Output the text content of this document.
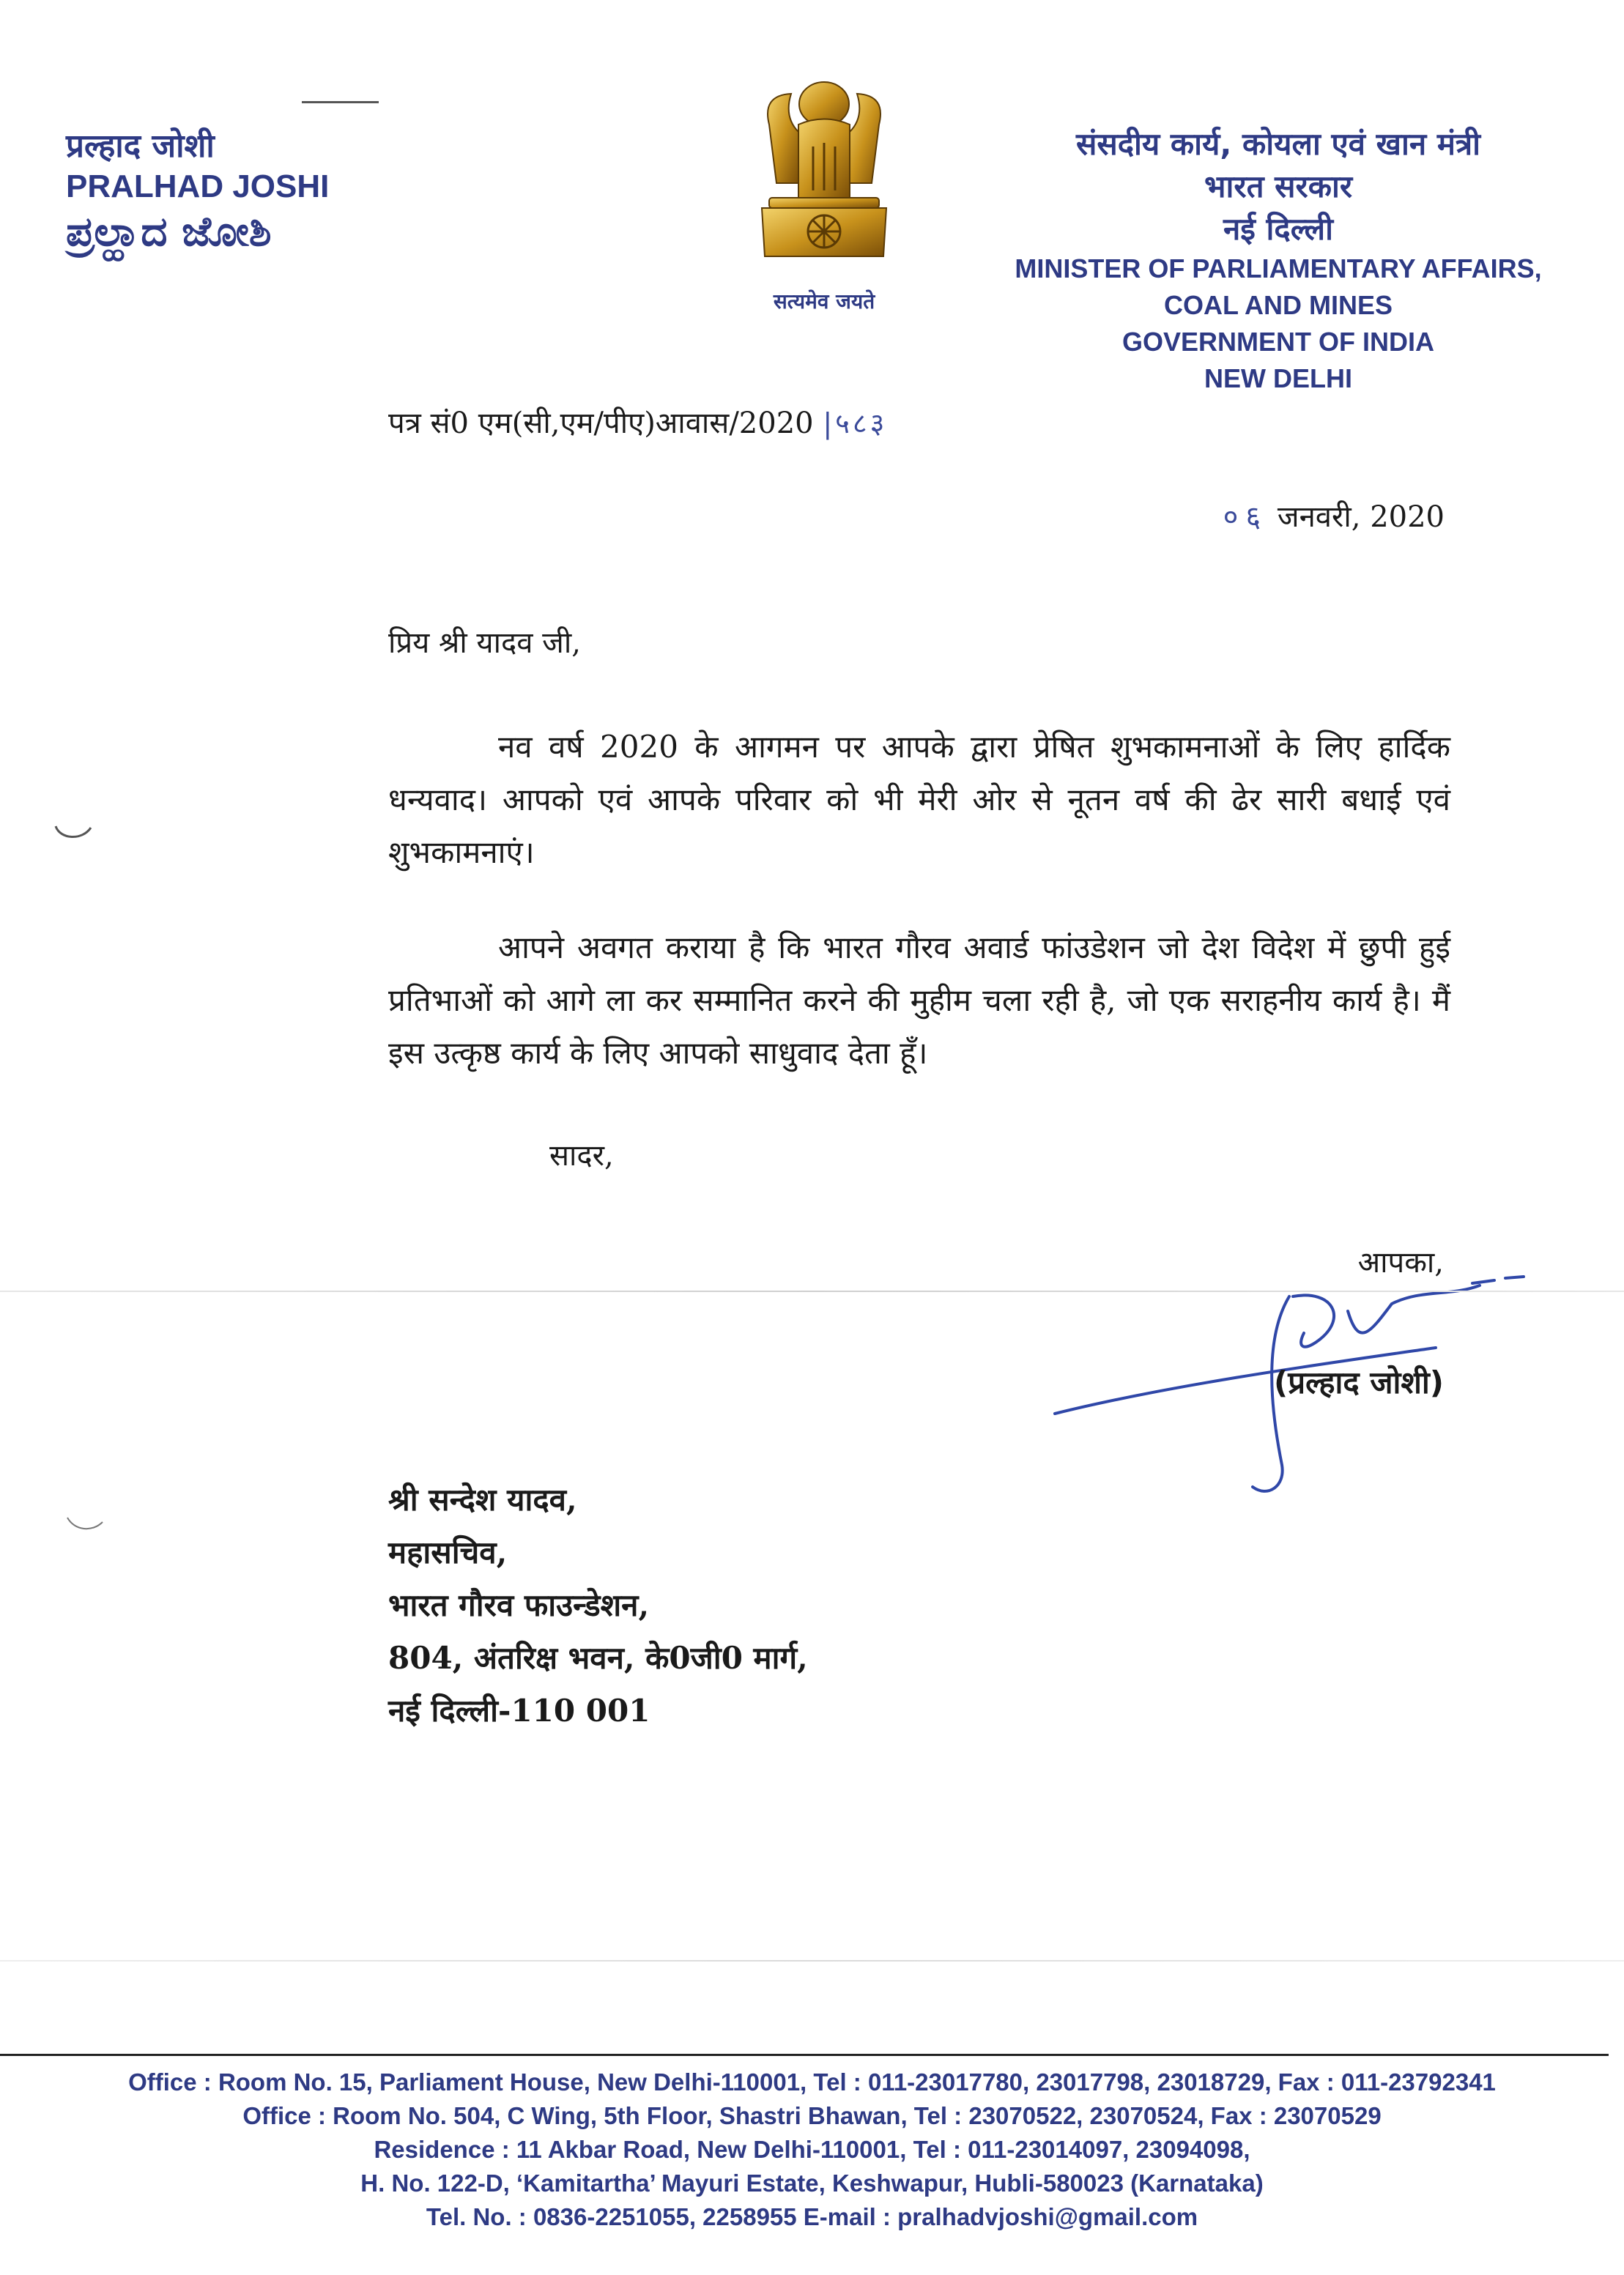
प्रल्हाद जोशी
PRALHAD JOSHI
ಪ್ರಲ್ಹಾದ ಜೋಶಿ
सत्यमेव जयते
संसदीय कार्य, कोयला एवं खान मंत्री
भारत सरकार
नई दिल्ली
MINISTER OF PARLIAMENTARY AFFAIRS,
COAL AND MINES
GOVERNMENT OF INDIA
NEW DELHI
पत्र सं0 एम(सी,एम/पीए)आवास/2020 |५८३
०६ जनवरी, 2020
प्रिय श्री यादव जी,

नव वर्ष 2020 के आगमन पर आपके द्वारा प्रेषित शुभकामनाओं के लिए हार्दिक धन्यवाद। आपको एवं आपके परिवार को भी मेरी ओर से नूतन वर्ष की ढेर सारी बधाई एवं शुभकामनाएं।

आपने अवगत कराया है कि भारत गौरव अवार्ड फांउडेशन जो देश विदेश में छुपी हुई प्रतिभाओं को आगे ला कर सम्मानित करने की मुहीम चला रही है, जो एक सराहनीय कार्य है। मैं इस उत्कृष्ठ कार्य के लिए आपको साधुवाद देता हूँ।

सादर,
आपका,
(प्रल्हाद जोशी)
श्री सन्देश यादव,
महासचिव,
भारत गौरव फाउन्डेशन,
804, अंतरिक्ष भवन, के0जी0 मार्ग,
नई दिल्ली-110 001
Office : Room No. 15, Parliament House, New Delhi-110001, Tel : 011-23017780, 23017798, 23018729, Fax : 011-23792341
Office : Room No. 504, C Wing, 5th Floor, Shastri Bhawan, Tel : 23070522, 23070524, Fax : 23070529
Residence : 11 Akbar Road, New Delhi-110001, Tel : 011-23014097, 23094098,
H. No. 122-D, ‘Kamitartha’ Mayuri Estate, Keshwapur, Hubli-580023 (Karnataka)
Tel. No. : 0836-2251055, 2258955 E-mail : pralhadvjoshi@gmail.com
